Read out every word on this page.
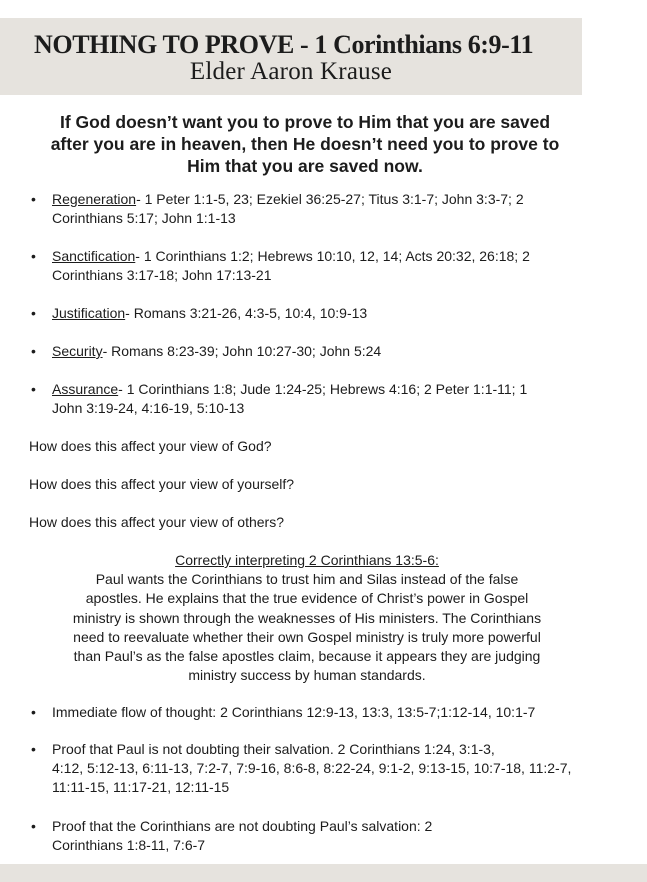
NOTHING TO PROVE - 1 Corinthians 6:9-11
Elder Aaron Krause
If God doesn’t want you to prove to Him that you are saved
after you are in heaven, then He doesn’t need you to prove to
Him that you are saved now.
• Regeneration- 1 Peter 1:1-5, 23; Ezekiel 36:25-27; Titus 3:1-7; John 3:3-7; 2
Corinthians 5:17; John 1:1-13
• Sanctification- 1 Corinthians 1:2; Hebrews 10:10, 12, 14; Acts 20:32, 26:18; 2
Corinthians 3:17-18; John 17:13-21
• Justification- Romans 3:21-26, 4:3-5, 10:4, 10:9-13
• Security- Romans 8:23-39; John 10:27-30; John 5:24
• Assurance- 1 Corinthians 1:8; Jude 1:24-25; Hebrews 4:16; 2 Peter 1:1-11; 1
John 3:19-24, 4:16-19, 5:10-13
How does this affect your view of God?
How does this affect your view of yourself?
How does this affect your view of others?
Correctly interpreting 2 Corinthians 13:5-6:
Paul wants the Corinthians to trust him and Silas instead of the false
apostles. He explains that the true evidence of Christ’s power in Gospel
ministry is shown through the weaknesses of His ministers. The Corinthians
need to reevaluate whether their own Gospel ministry is truly more powerful
than Paul’s as the false apostles claim, because it appears they are judging
ministry success by human standards.
• Immediate flow of thought: 2 Corinthians 12:9-13, 13:3, 13:5-7;1:12-14, 10:1-7
• Proof that Paul is not doubting their salvation. 2 Corinthians 1:24, 3:1-3,
4:12, 5:12-13, 6:11-13, 7:2-7, 7:9-16, 8:6-8, 8:22-24, 9:1-2, 9:13-15, 10:7-18, 11:2-7,
11:11-15, 11:17-21, 12:11-15
• Proof that the Corinthians are not doubting Paul’s salvation: 2
Corinthians 1:8-11, 7:6-7
